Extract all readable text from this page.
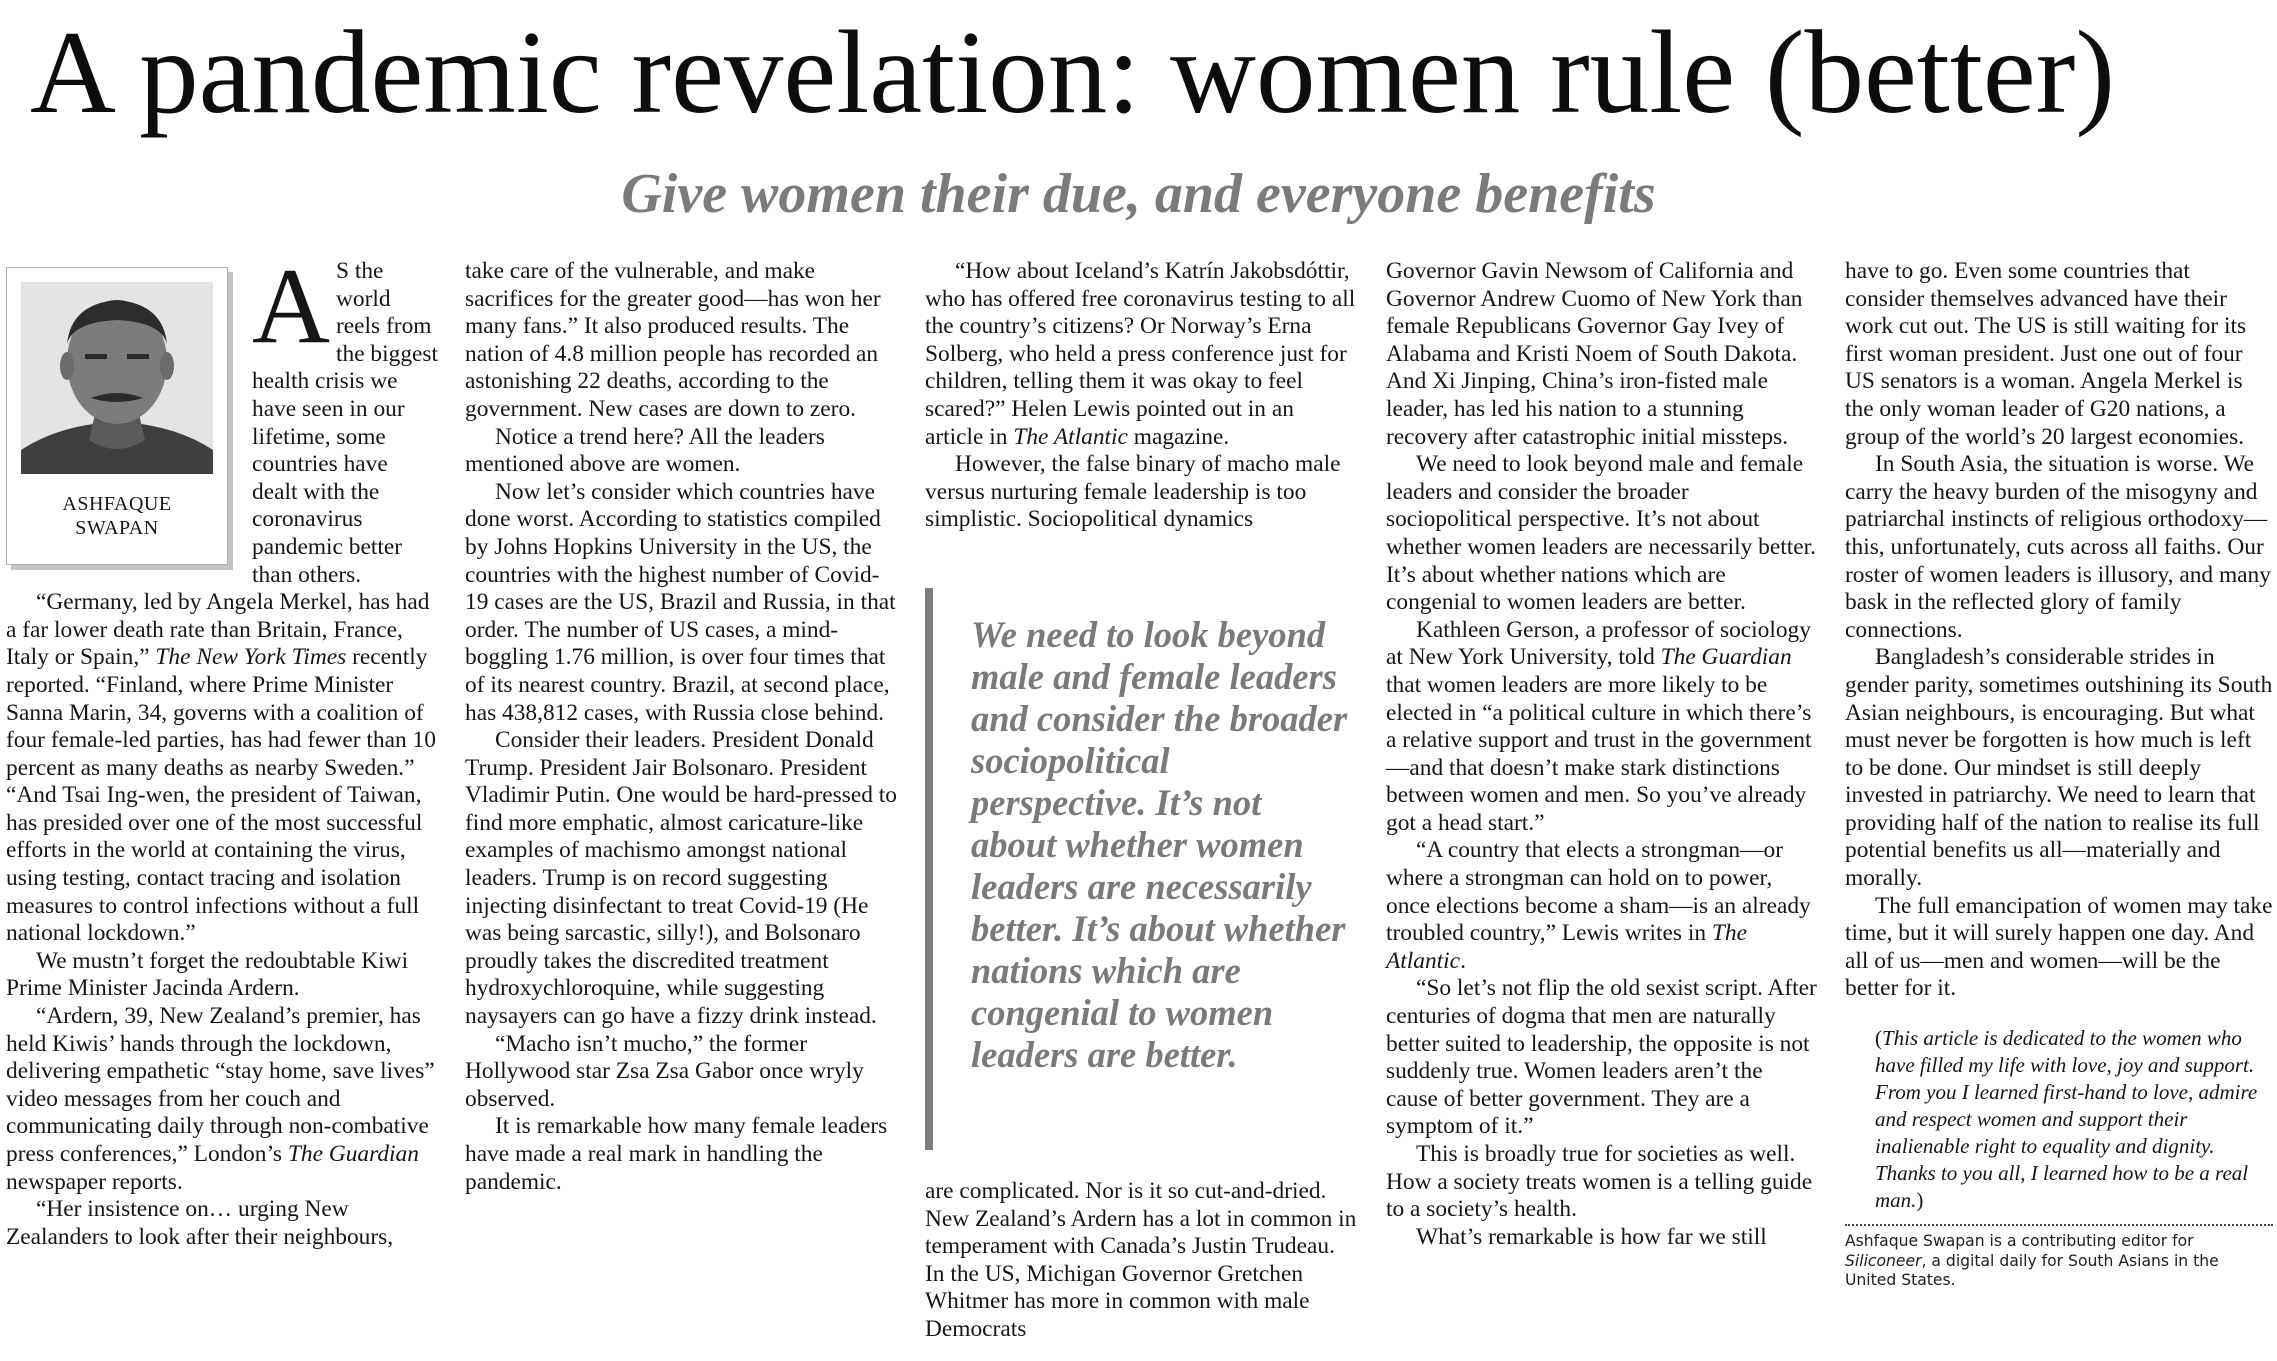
A pandemic revelation: women rule (better)
Give women their due, and everyone benefits
ASHFAQUE
SWAPAN

A S the world reels from the biggest health crisis we have seen in our lifetime, some countries have dealt with the coronavirus pandemic better than others.

“Germany, led by Angela Merkel, has had a far lower death rate than Britain, France, Italy or Spain,” The New York Times recently reported. “Finland, where Prime Minister Sanna Marin, 34, governs with a coalition of four female-led parties, has had fewer than 10 percent as many deaths as nearby Sweden.”

“And Tsai Ing-wen, the president of Taiwan, has presided over one of the most successful efforts in the world at containing the virus, using testing, contact tracing and isolation measures to control infections without a full national lockdown.”

We mustn’t forget the redoubtable Kiwi Prime Minister Jacinda Ardern.

“Ardern, 39, New Zealand’s premier, has held Kiwis’ hands through the lockdown, delivering empathetic “stay home, save lives” video messages from her couch and communicating daily through non-combative press conferences,” London’s The Guardian newspaper reports.

“Her insistence on… urging New Zealanders to look after their neighbours,

take care of the vulnerable, and make sacrifices for the greater good—has won her many fans.” It also produced results. The nation of 4.8 million people has recorded an astonishing 22 deaths, according to the government. New cases are down to zero.

Notice a trend here? All the leaders mentioned above are women.

Now let’s consider which countries have done worst. According to statistics compiled by Johns Hopkins University in the US, the countries with the highest number of Covid-19 cases are the US, Brazil and Russia, in that order. The number of US cases, a mind-boggling 1.76 million, is over four times that of its nearest country. Brazil, at second place, has 438,812 cases, with Russia close behind.

Consider their leaders. President Donald Trump. President Jair Bolsonaro. President Vladimir Putin. One would be hard-pressed to find more emphatic, almost caricature-like examples of machismo amongst national leaders. Trump is on record suggesting injecting disinfectant to treat Covid-19 (He was being sarcastic, silly!), and Bolsonaro proudly takes the discredited treatment hydroxychloroquine, while suggesting naysayers can go have a fizzy drink instead.

“Macho isn’t mucho,” the former Hollywood star Zsa Zsa Gabor once wryly observed.

It is remarkable how many female leaders have made a real mark in handling the pandemic.

“How about Iceland’s Katrín Jakobsdóttir, who has offered free coronavirus testing to all the country’s citizens? Or Norway’s Erna Solberg, who held a press conference just for children, telling them it was okay to feel scared?” Helen Lewis pointed out in an article in The Atlantic magazine.

However, the false binary of macho male versus nurturing female leadership is too simplistic. Sociopolitical dynamics

We need to look beyond male and female leaders and consider the broader sociopolitical perspective. It’s not about whether women leaders are necessarily better. It’s about whether nations which are congenial to women leaders are better.

are complicated. Nor is it so cut-and-dried. New Zealand’s Ardern has a lot in common in temperament with Canada’s Justin Trudeau. In the US, Michigan Governor Gretchen Whitmer has more in common with male Democrats

Governor Gavin Newsom of California and Governor Andrew Cuomo of New York than female Republicans Governor Gay Ivey of Alabama and Kristi Noem of South Dakota. And Xi Jinping, China’s iron-fisted male leader, has led his nation to a stunning recovery after catastrophic initial missteps.

We need to look beyond male and female leaders and consider the broader sociopolitical perspective. It’s not about whether women leaders are necessarily better. It’s about whether nations which are congenial to women leaders are better.

Kathleen Gerson, a professor of sociology at New York University, told The Guardian that women leaders are more likely to be elected in “a political culture in which there’s a relative support and trust in the government—and that doesn’t make stark distinctions between women and men. So you’ve already got a head start.”

“A country that elects a strongman—or where a strongman can hold on to power, once elections become a sham—is an already troubled country,” Lewis writes in The Atlantic.

“So let’s not flip the old sexist script. After centuries of dogma that men are naturally better suited to leadership, the opposite is not suddenly true. Women leaders aren’t the cause of better government. They are a symptom of it.”

This is broadly true for societies as well. How a society treats women is a telling guide to a society’s health.

What’s remarkable is how far we still

have to go. Even some countries that consider themselves advanced have their work cut out. The US is still waiting for its first woman president. Just one out of four US senators is a woman. Angela Merkel is the only woman leader of G20 nations, a group of the world’s 20 largest economies.

In South Asia, the situation is worse. We carry the heavy burden of the misogyny and patriarchal instincts of religious orthodoxy—this, unfortunately, cuts across all faiths. Our roster of women leaders is illusory, and many bask in the reflected glory of family connections.

Bangladesh’s considerable strides in gender parity, sometimes outshining its South Asian neighbours, is encouraging. But what must never be forgotten is how much is left to be done. Our mindset is still deeply invested in patriarchy. We need to learn that providing half of the nation to realise its full potential benefits us all—materially and morally.

The full emancipation of women may take time, but it will surely happen one day. And all of us—men and women—will be the better for it.

(This article is dedicated to the women who have filled my life with love, joy and support. From you I learned first-hand to love, admire and respect women and support their inalienable right to equality and dignity. Thanks to you all, I learned how to be a real man.)
Ashfaque Swapan is a contributing editor for Siliconeer, a digital daily for South Asians in the United States.
